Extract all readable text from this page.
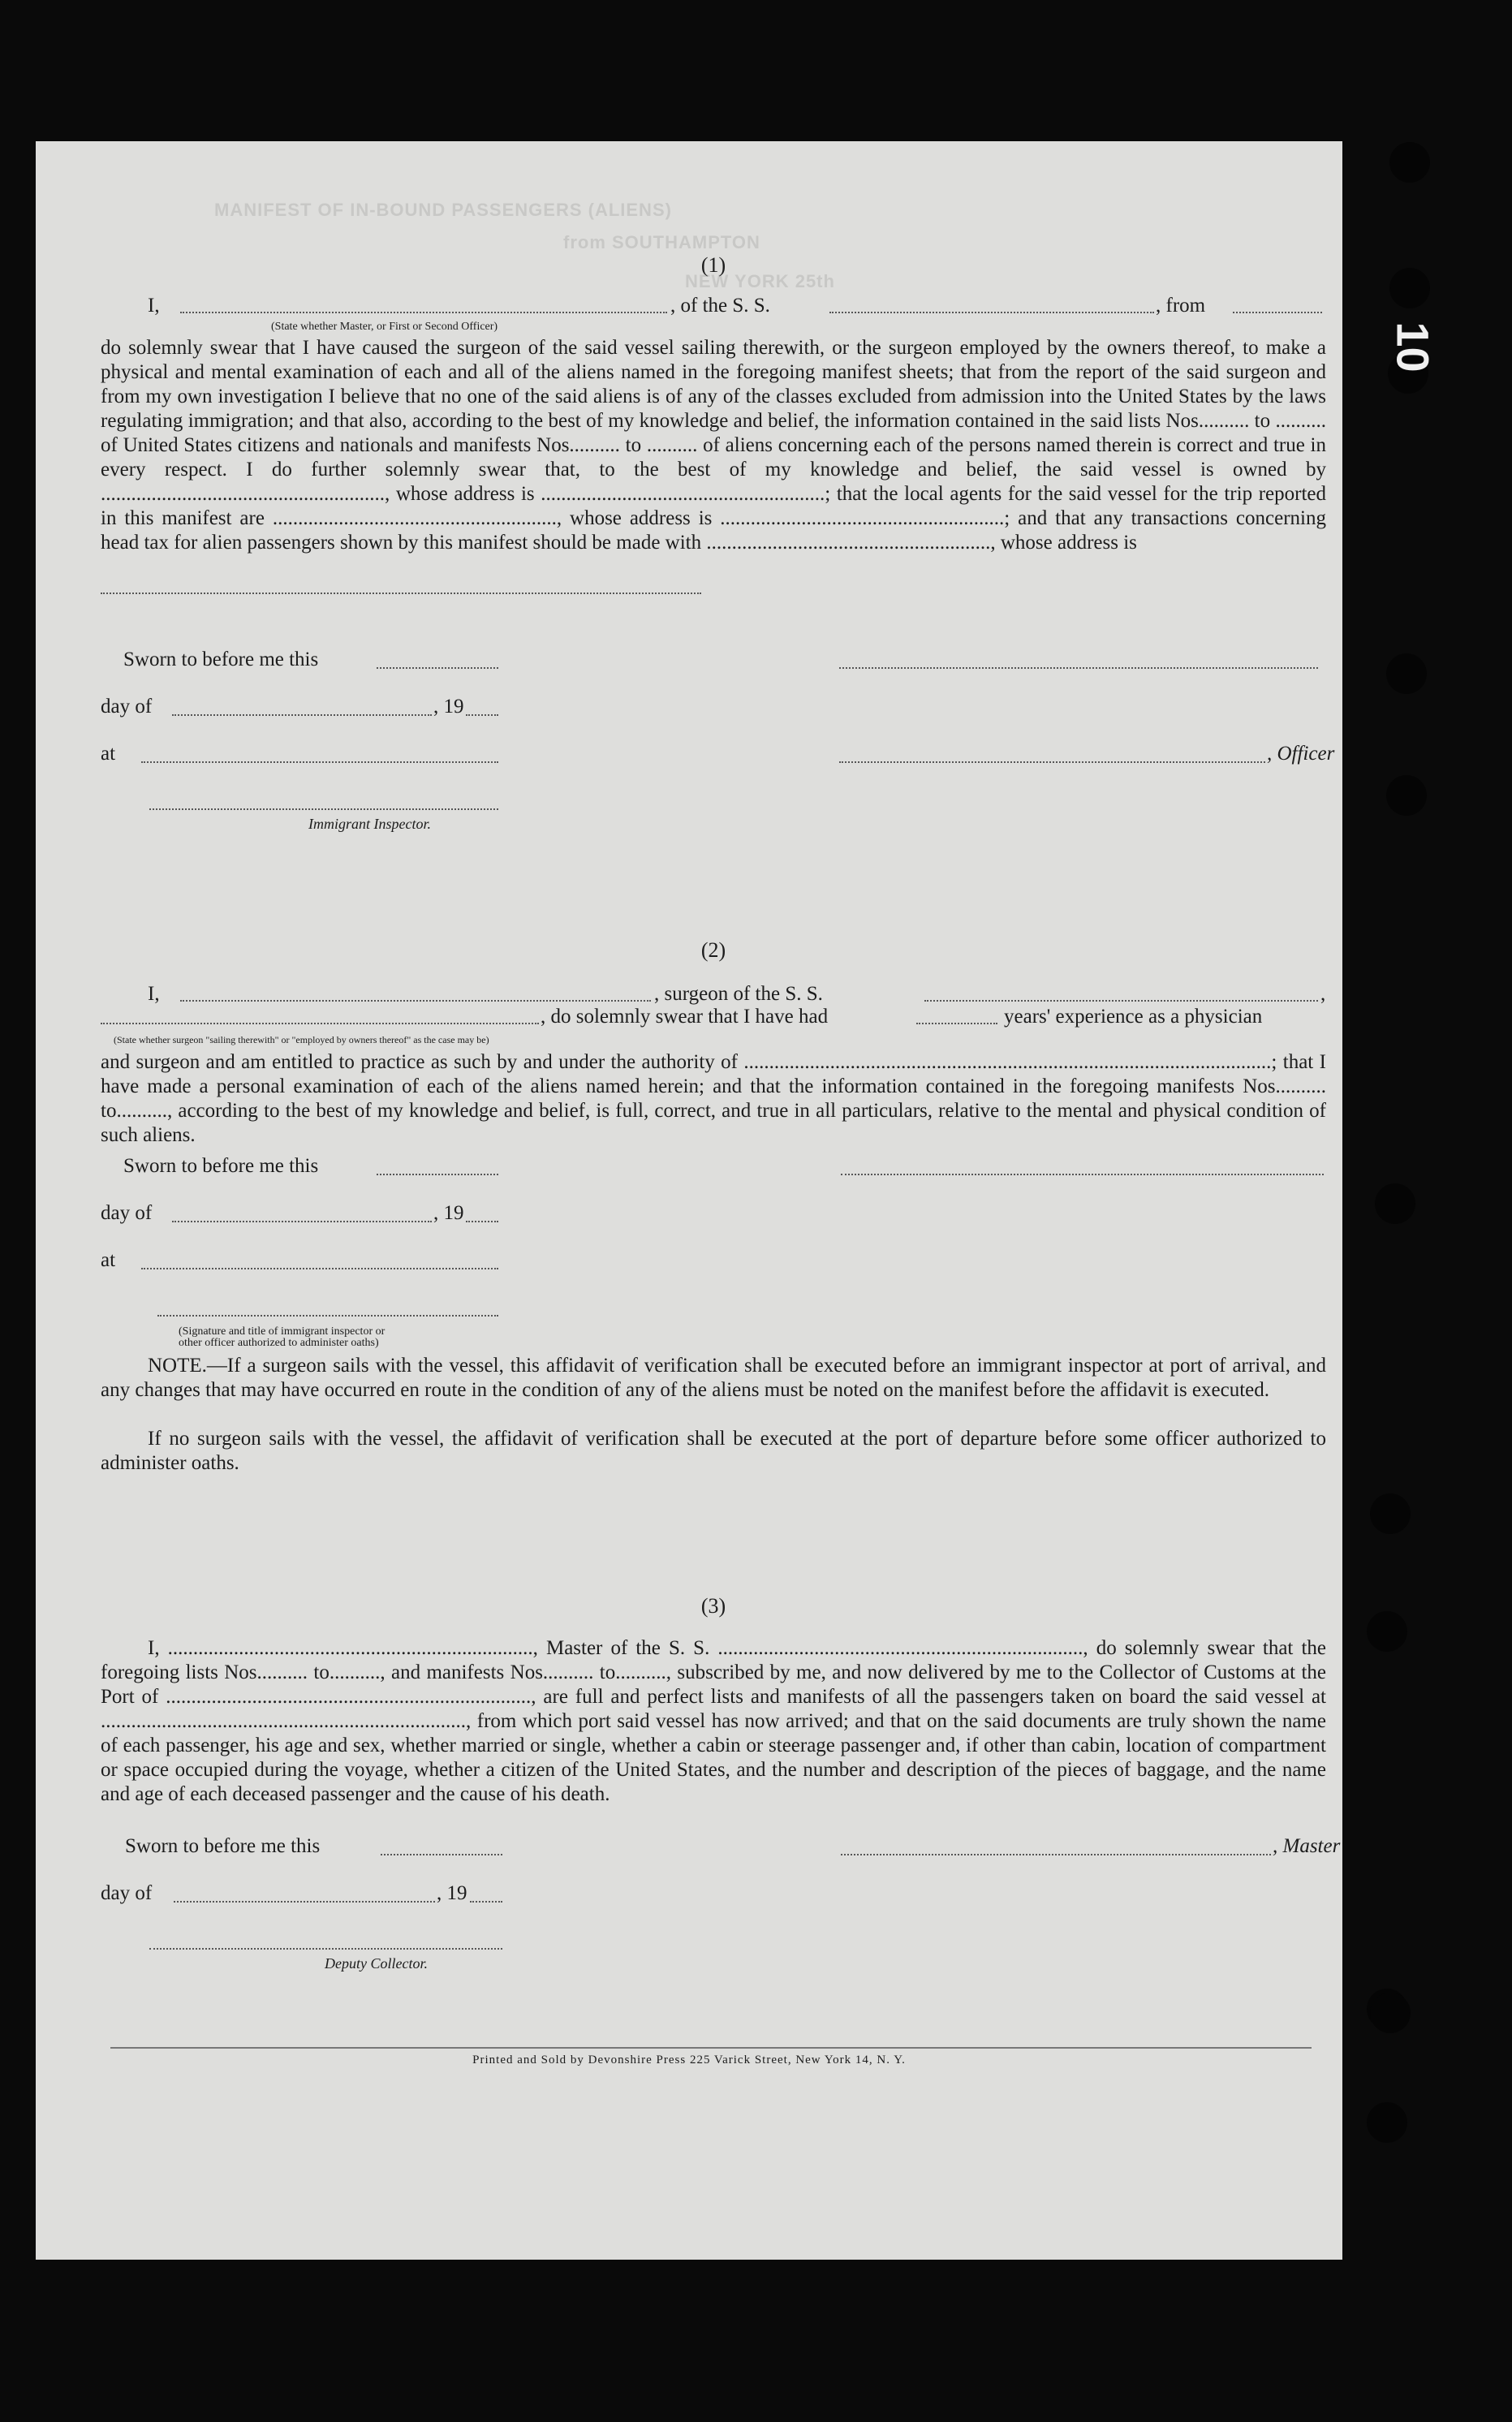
10
MANIFEST OF IN-BOUND PASSENGERS (ALIENS)
from SOUTHAMPTON
NEW YORK 25th
(1)
I,	, of the S. S.	, from
(State whether Master, or First or Second Officer)

do solemnly swear that I have caused the surgeon of the said vessel sailing therewith, or the surgeon employed by the owners thereof, to make a physical and mental examination of each and all of the aliens named in the foregoing manifest sheets; that from the report of the said surgeon and from my own investigation I believe that no one of the said aliens is of any of the classes excluded from admission into the United States by the laws regulating immigration; and that also, according to the best of my knowledge and belief, the information contained in the said lists Nos.......... to .......... of United States citizens and nationals and manifests Nos.......... to .......... of aliens concerning each of the persons named therein is correct and true in every respect. I do further solemnly swear that, to the best of my knowledge and belief, the said vessel is owned by ........................................................, whose address is ........................................................; that the local agents for the said vessel for the trip reported in this manifest are ........................................................, whose address is ........................................................; and that any transactions concerning head tax for alien passengers shown by this manifest should be made with ........................................................, whose address is

Sworn to before me this
day of	, 19
at	, Officer
Immigrant Inspector.
(2)
I,	, surgeon of the S. S.	,
, do solemnly swear that I have had	years' experience as a physician
(State whether surgeon "sailing therewith" or "employed by owners thereof" as the case may be)

and surgeon and am entitled to practice as such by and under the authority of ........................................................................................................; that I have made a personal examination of each of the aliens named herein; and that the information contained in the foregoing manifests Nos.......... to.........., according to the best of my knowledge and belief, is full, correct, and true in all particulars, relative to the mental and physical condition of such aliens.

Sworn to before me this
day of	, 19
at
(Signature and title of immigrant inspector or
other officer authorized to administer oaths)

NOTE.—If a surgeon sails with the vessel, this affidavit of verification shall be executed before an immigrant inspector at port of arrival, and any changes that may have occurred en route in the condition of any of the aliens must be noted on the manifest before the affidavit is executed.

If no surgeon sails with the vessel, the affidavit of verification shall be executed at the port of departure before some officer authorized to administer oaths.

(3)

I, ........................................................................, Master of the S. S. ........................................................................, do solemnly swear that the foregoing lists Nos.......... to.........., and manifests Nos.......... to.........., subscribed by me, and now delivered by me to the Collector of Customs at the Port of ........................................................................, are full and perfect lists and manifests of all the passengers taken on board the said vessel at ........................................................................, from which port said vessel has now arrived; and that on the said documents are truly shown the name of each passenger, his age and sex, whether married or single, whether a cabin or steerage passenger and, if other than cabin, location of compartment or space occupied during the voyage, whether a citizen of the United States, and the number and description of the pieces of baggage, and the name and age of each deceased passenger and the cause of his death.

Sworn to before me this	, Master
day of	, 19
Deputy Collector.
Printed and Sold by Devonshire Press 225 Varick Street, New York 14, N. Y.
